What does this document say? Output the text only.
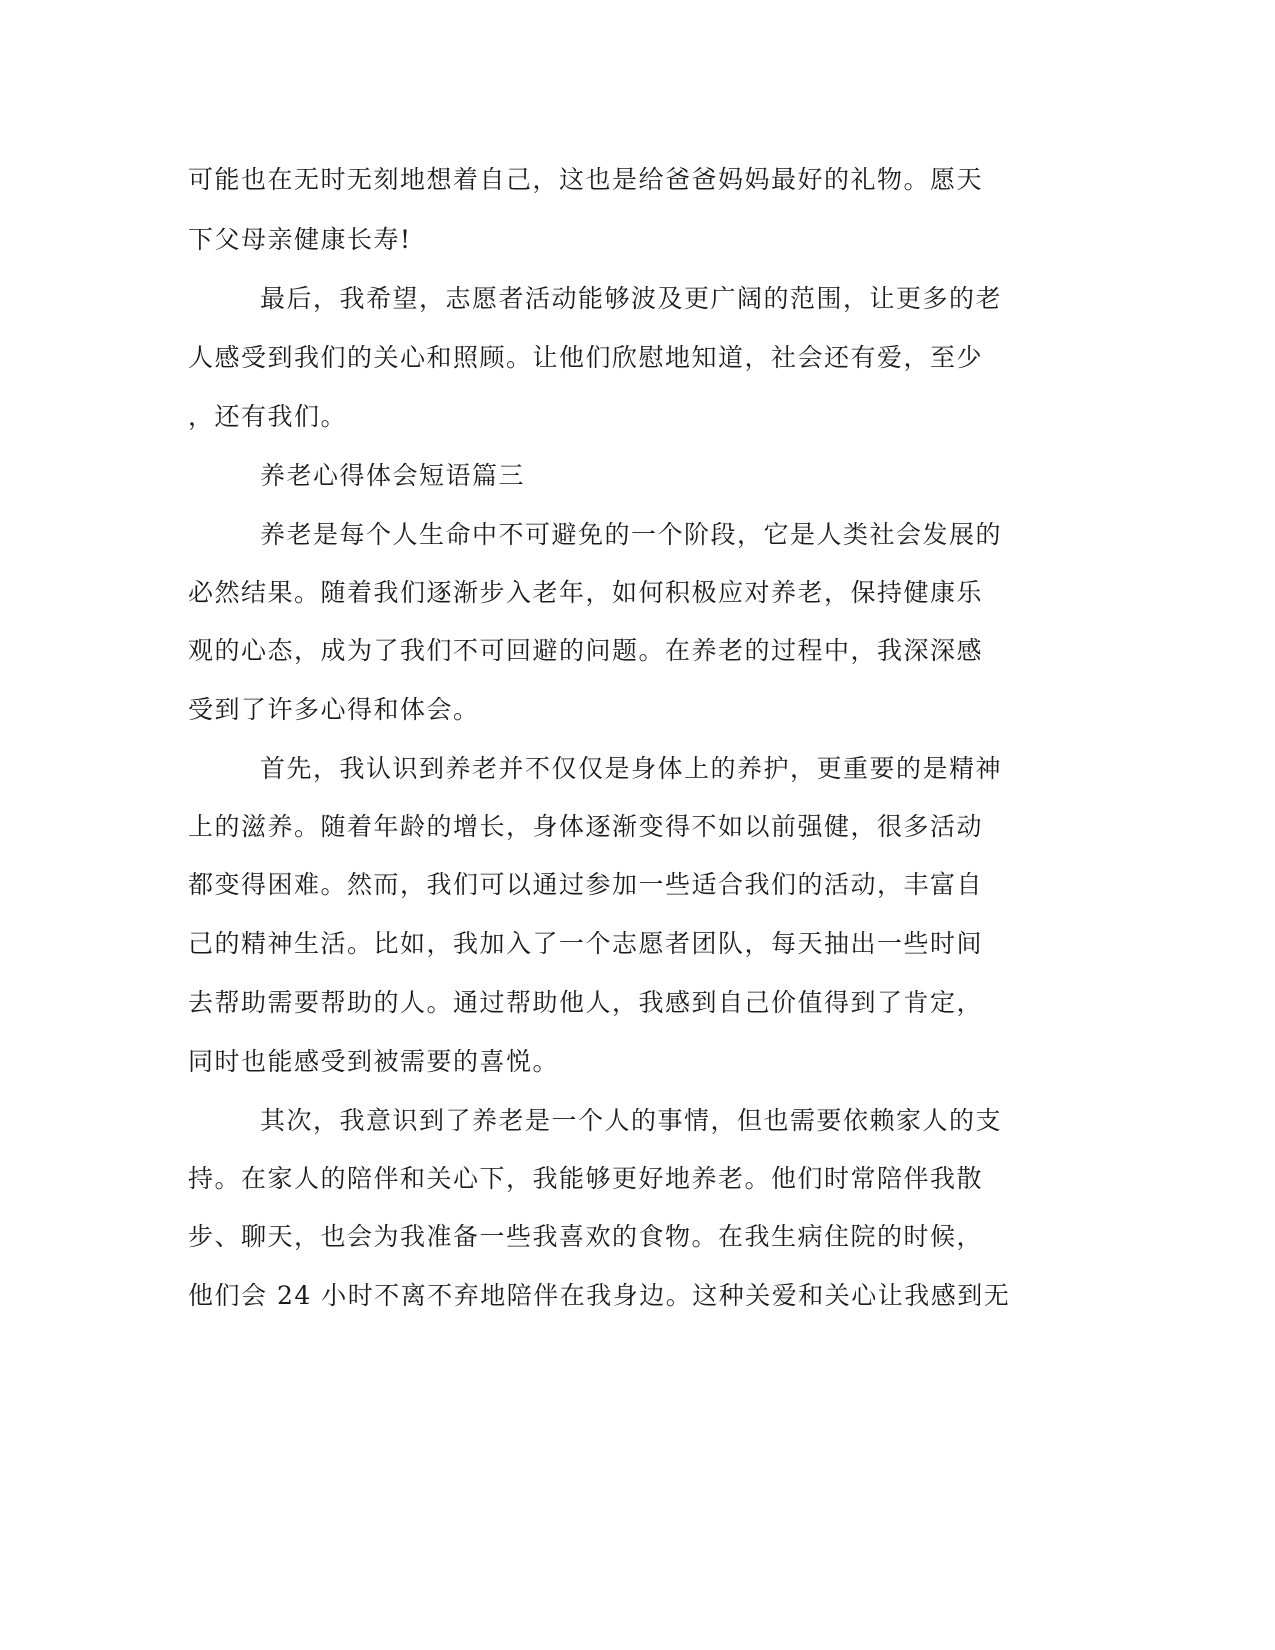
可能也在无时无刻地想着自己，这也是给爸爸妈妈最好的礼物。愿天
下父母亲健康长寿!
最后，我希望，志愿者活动能够波及更广阔的范围，让更多的老
人感受到我们的关心和照顾。让他们欣慰地知道，社会还有爱，至少
，还有我们。
养老心得体会短语篇三
养老是每个人生命中不可避免的一个阶段，它是人类社会发展的
必然结果。随着我们逐渐步入老年，如何积极应对养老，保持健康乐
观的心态，成为了我们不可回避的问题。在养老的过程中，我深深感
受到了许多心得和体会。
首先，我认识到养老并不仅仅是身体上的养护，更重要的是精神
上的滋养。随着年龄的增长，身体逐渐变得不如以前强健，很多活动
都变得困难。然而，我们可以通过参加一些适合我们的活动，丰富自
己的精神生活。比如，我加入了一个志愿者团队，每天抽出一些时间
去帮助需要帮助的人。通过帮助他人，我感到自己价值得到了肯定，
同时也能感受到被需要的喜悦。
其次，我意识到了养老是一个人的事情，但也需要依赖家人的支
持。在家人的陪伴和关心下，我能够更好地养老。他们时常陪伴我散
步、聊天，也会为我准备一些我喜欢的食物。在我生病住院的时候，
他们会 24 小时不离不弃地陪伴在我身边。这种关爱和关心让我感到无
